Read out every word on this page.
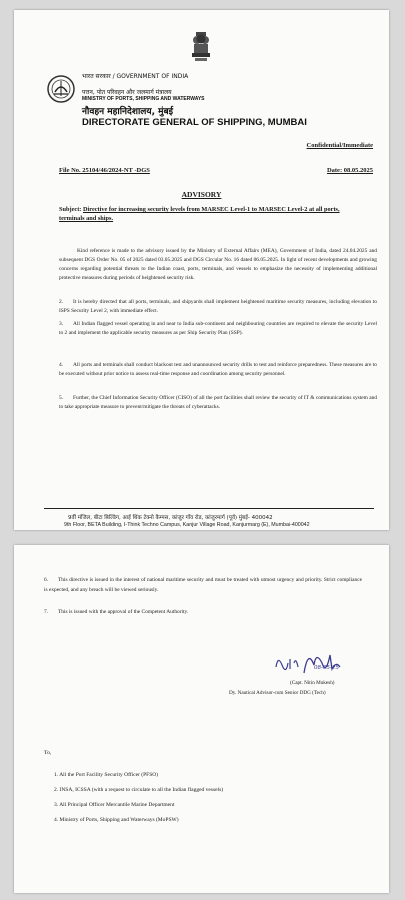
भारत सरकार / GOVERNMENT OF INDIA
पत्तन, पोत परिवहन और जलमार्ग मंत्रालय
MINISTRY OF PORTS, SHIPPING AND WATERWAYS
नौवहन महानिदेशालय, मुंबई
DIRECTORATE GENERAL OF SHIPPING, MUMBAI
Confidential/Immediate
File No. 25104/46/2024-NT -DGS	Date: 08.05.2025
ADVISORY
Subject: Directive for increasing security levels from MARSEC Level-1 to MARSEC Level-2 at all ports, terminals and ships.
Kind reference is made to the advisory issued by the Ministry of External Affairs (MEA), Government of India, dated 24.04.2025 and subsequent DGS Order No. 05 of 2025 dated 03.05.2025 and DGS Circular No. 16 dated 06.05.2025. In light of recent developments and growing concerns regarding potential threats to the Indian coast, ports, terminals, and vessels to emphasize the necessity of implementing additional protective measures during periods of heightened security risk.
2. It is hereby directed that all ports, terminals, and shipyards shall implement heightened maritime security measures, including elevation to ISPS Security Level 2, with immediate effect.
3. All Indian flagged vessel operating in and near to India sub-continent and neighbouring countries are required to elevate the security Level to 2 and implement the applicable security measures as per Ship Security Plan (SSP).
4. All ports and terminals shall conduct blackout test and unannounced security drills to test and reinforce preparedness. These measures are to be executed without prior notice to assess real-time response and coordination among security personnel.
5. Further, the Chief Information Security Officer (CISO) of all the port facilities shall review the security of IT & communications system and to take appropriate measure to prevent/mitigate the threats of cyberattacks.
9वीं मंजिल, बीटा बिल्डिंग, आई थिंक टेक्नो कैम्पस, कांजुर गाँव रोड, कांजुरमार्ग (पूर्व) मुंबई- 400042
9th Floor, BETA Building, I-Think Techno Campus, Kanjur Village Road, Kanjurmarg (E), Mumbai-400042
6. This directive is issued in the interest of national maritime security and must be treated with utmost urgency and priority. Strict compliance is expected, and any breach will be viewed seriously.
7. This is issued with the approval of the Competent Authority.
08-05-25
(Capt. Nitin Mukesh)
Dy. Nautical Advisor-cum Senior DDG (Tech)
To,
1. All the Port Facility Security Officer (PFSO)
2. INSA, ICSSA (with a request to circulate to all the Indian flagged vessels)
3. All Principal Officer Mercantile Marine Department
4. Ministry of Ports, Shipping and Waterways (MoPSW)
